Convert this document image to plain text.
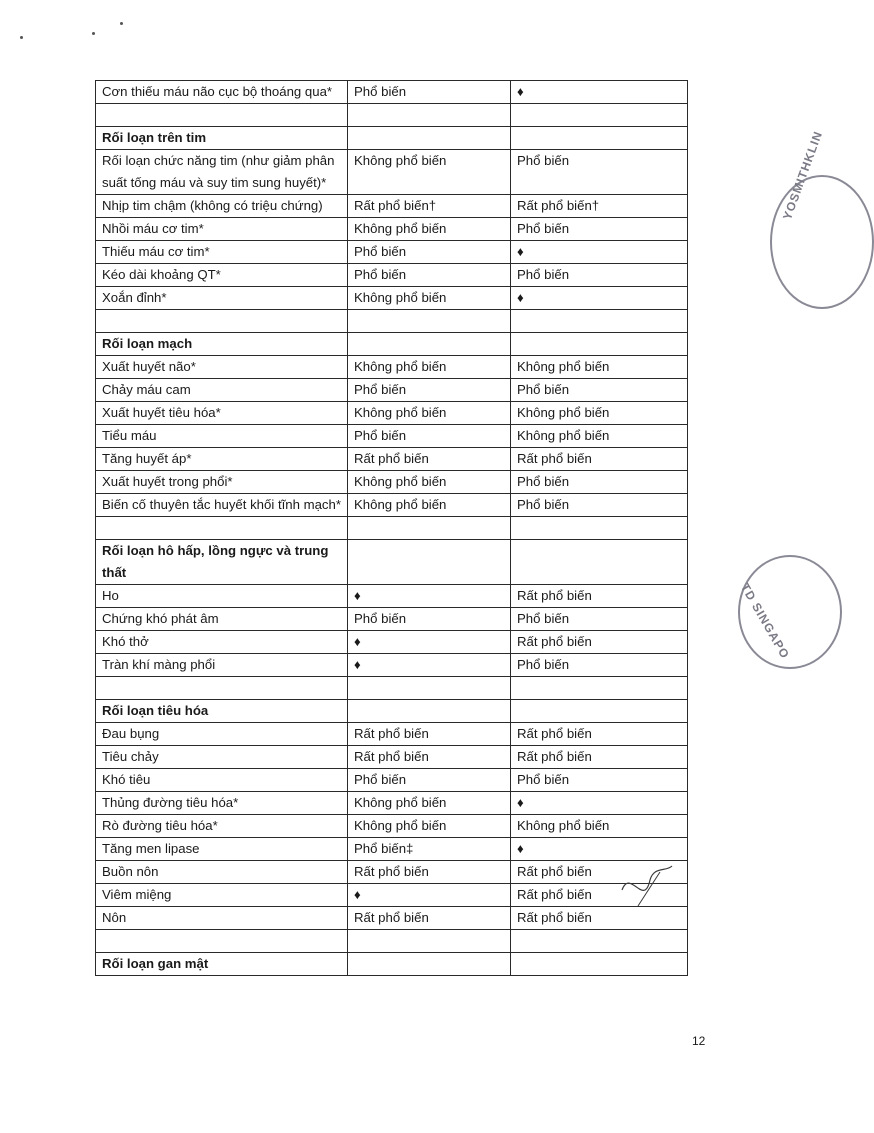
Cơn thiếu máu não cục bộ thoáng qua*	Phổ biến	♦

Rối loạn trên tim		
Rối loạn chức năng tim (như giảm phân suất tống máu và suy tim sung huyết)*	Không phổ biến	Phổ biến
Nhịp tim chậm (không có triệu chứng)	Rất phổ biến†	Rất phổ biến†
Nhồi máu cơ tim*	Không phổ biến	Phổ biến
Thiếu máu cơ tim*	Phổ biến	♦
Kéo dài khoảng QT*	Phổ biến	Phổ biến
Xoắn đỉnh*	Không phổ biến	♦

Rối loạn mạch		
Xuất huyết não*	Không phổ biến	Không phổ biến
Chảy máu cam	Phổ biến	Phổ biến
Xuất huyết tiêu hóa*	Không phổ biến	Không phổ biến
Tiểu máu	Phổ biến	Không phổ biến
Tăng huyết áp*	Rất phổ biến	Rất phổ biến
Xuất huyết trong phổi*	Không phổ biến	Phổ biến
Biến cố thuyên tắc huyết khối tĩnh mạch*	Không phổ biến	Phổ biến

Rối loạn hô hấp, lồng ngực và trung thất		
Ho	♦	Rất phổ biến
Chứng khó phát âm	Phổ biến	Phổ biến
Khó thở	♦	Rất phổ biến
Tràn khí màng phổi	♦	Phổ biến

Rối loạn tiêu hóa		
Đau bụng	Rất phổ biến	Rất phổ biến
Tiêu chảy	Rất phổ biến	Rất phổ biến
Khó tiêu	Phổ biến	Phổ biến
Thủng đường tiêu hóa*	Không phổ biến	♦
Rò đường tiêu hóa*	Không phổ biến	Không phổ biến
Tăng men lipase	Phổ biến‡	♦
Buồn nôn	Rất phổ biến	Rất phổ biến
Viêm miệng	♦	Rất phổ biến
Nôn	Rất phổ biến	Rất phổ biến

Rối loạn gan mật		
12
YOSMITHKLIN
TD SINGAPO
